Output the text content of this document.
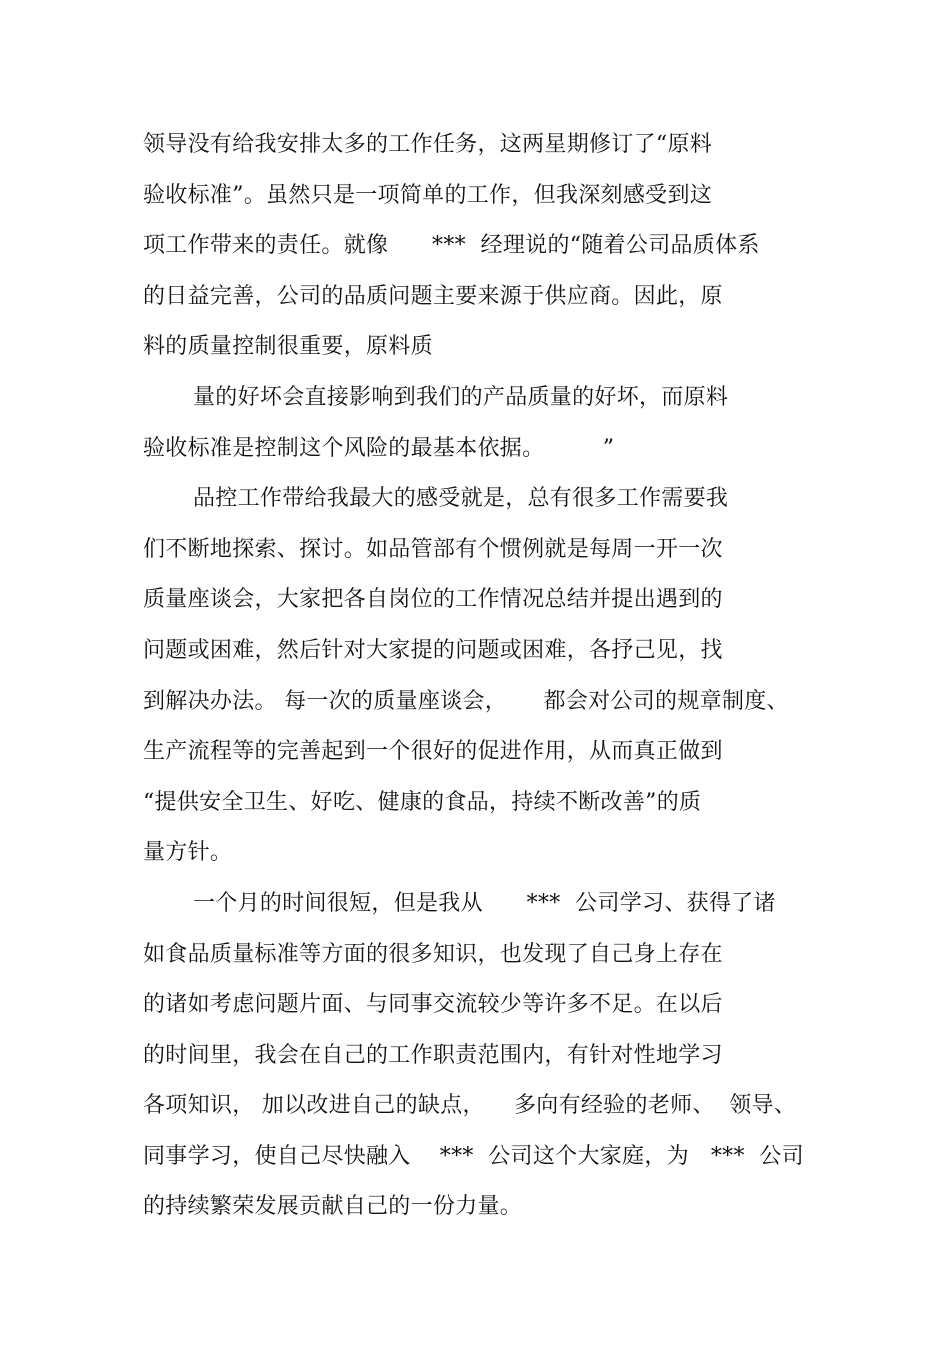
领导没有给我安排太多的工作任务，这两星期修订了“原料
验收标准”。虽然只是一项简单的工作，但我深刻感受到这
项工作带来的责任。就像      ***  经理说的“随着公司品质体系
的日益完善，公司的品质问题主要来源于供应商。因此，原
料的质量控制很重要，原料质
量的好坏会直接影响到我们的产品质量的好坏，而原料
验收标准是控制这个风险的最基本依据。        ”
品控工作带给我最大的感受就是，总有很多工作需要我
们不断地探索、探讨。如品管部有个惯例就是每周一开一次
质量座谈会，大家把各自岗位的工作情况总结并提出遇到的
问题或困难，然后针对大家提的问题或困难，各抒己见，找
到解决办法。 每一次的质量座谈会，     都会对公司的规章制度、
生产流程等的完善起到一个很好的促进作用，从而真正做到
“提供安全卫生、好吃、健康的食品，持续不断改善”的质
量方针。
一个月的时间很短，但是我从      ***  公司学习、获得了诸
如食品质量标准等方面的很多知识，也发现了自己身上存在
的诸如考虑问题片面、与同事交流较少等许多不足。在以后
的时间里，我会在自己的工作职责范围内，有针对性地学习
各项知识， 加以改进自己的缺点，    多向有经验的老师、  领导、
同事学习，使自己尽快融入    ***  公司这个大家庭，为   ***  公司
的持续繁荣发展贡献自己的一份力量。
